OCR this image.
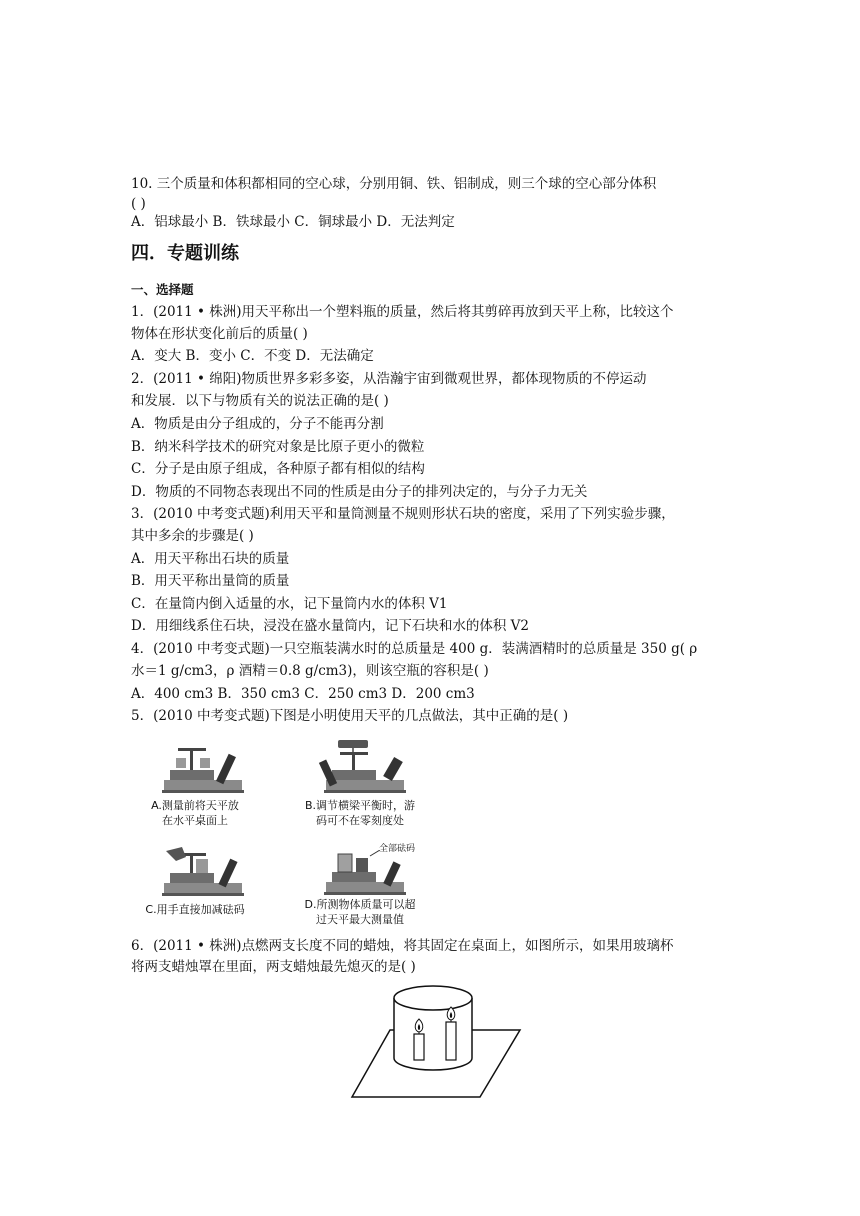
10. 三个质量和体积都相同的空心球，分别用铜、铁、铝制成，则三个球的空心部分体积
( )
A．铝球最小 B．铁球最小 C．铜球最小 D．无法判定
四．专题训练
一、选择题
1．(2011 • 株洲)用天平称出一个塑料瓶的质量，然后将其剪碎再放到天平上称，比较这个
物体在形状变化前后的质量( )
A．变大 B．变小 C．不变 D．无法确定
2．(2011 • 绵阳)物质世界多彩多姿，从浩瀚宇宙到微观世界，都体现物质的不停运动
和发展．以下与物质有关的说法正确的是( )
A．物质是由分子组成的，分子不能再分割
B．纳米科学技术的研究对象是比原子更小的微粒
C．分子是由原子组成，各种原子都有相似的结构
D．物质的不同物态表现出不同的性质是由分子的排列决定的，与分子力无关
3．(2010 中考变式题)利用天平和量筒测量不规则形状石块的密度，采用了下列实验步骤，
其中多余的步骤是( )
A．用天平称出石块的质量
B．用天平称出量筒的质量
C．在量筒内倒入适量的水，记下量筒内水的体积 V1
D．用细线系住石块，浸没在盛水量筒内，记下石块和水的体积 V2
4．(2010 中考变式题)一只空瓶装满水时的总质量是 400 g．装满酒精时的总质量是 350 g( ρ
水＝1 g/cm3，ρ 酒精＝0.8 g/cm3)，则该空瓶的容积是( )
A．400 cm3 B．350 cm3 C．250 cm3 D．200 cm3
5．(2010 中考变式题)下图是小明使用天平的几点做法，其中正确的是( )
A.测量前将天平放
在水平桌面上
B.调节横梁平衡时，游
码可不在零刻度处
C.用手直接加减砝码
全部砝码
D.所测物体质量可以超
过天平最大测量值
6．(2011 • 株洲)点燃两支长度不同的蜡烛，将其固定在桌面上，如图所示，如果用玻璃杯
将两支蜡烛罩在里面，两支蜡烛最先熄灭的是( )
